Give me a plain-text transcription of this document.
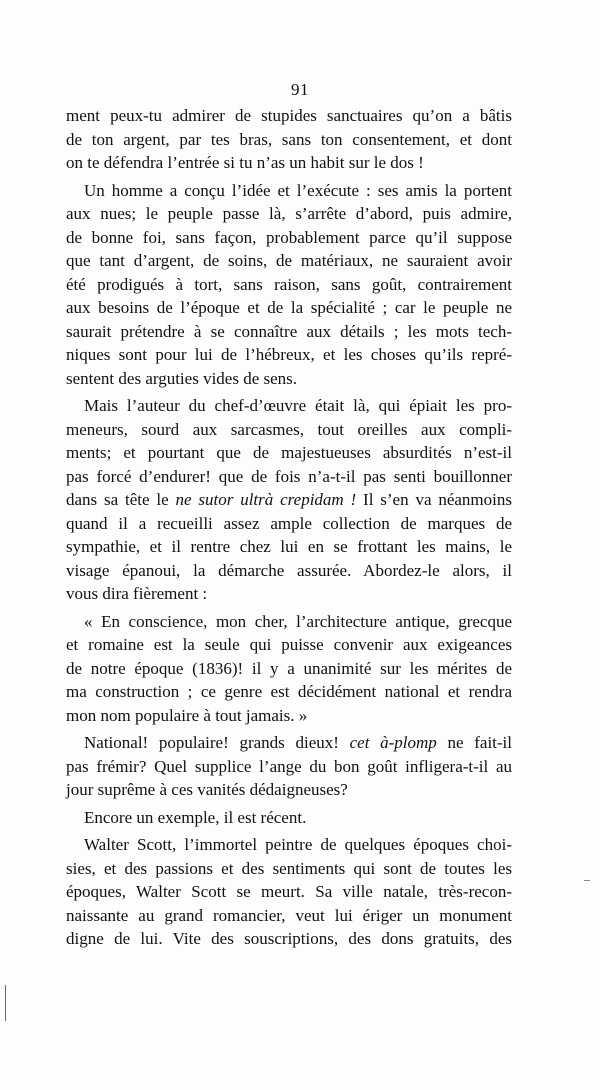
91
ment peux-tu admirer de stupides sanctuaires qu’on a bâtis
de ton argent, par tes bras, sans ton consentement, et dont
on te défendra l’entrée si tu n’as un habit sur le dos !
Un homme a conçu l’idée et l’exécute : ses amis la portent
aux nues; le peuple passe là, s’arrête d’abord, puis admire,
de bonne foi, sans façon, probablement parce qu’il suppose
que tant d’argent, de soins, de matériaux, ne sauraient avoir
été prodigués à tort, sans raison, sans goût, contrairement
aux besoins de l’époque et de la spécialité ; car le peuple ne
saurait prétendre à se connaître aux détails ; les mots tech-
niques sont pour lui de l’hébreux, et les choses qu’ils repré-
sentent des arguties vides de sens.
Mais l’auteur du chef-d’œuvre était là, qui épiait les pro-
meneurs, sourd aux sarcasmes, tout oreilles aux compli-
ments; et pourtant que de majestueuses absurdités n’est-il
pas forcé d’endurer! que de fois n’a-t-il pas senti bouillonner
dans sa tête le ne sutor ultrà crepidam ! Il s’en va néanmoins
quand il a recueilli assez ample collection de marques de
sympathie, et il rentre chez lui en se frottant les mains, le
visage épanoui, la démarche assurée. Abordez-le alors, il
vous dira fièrement :
« En conscience, mon cher, l’architecture antique, grecque
et romaine est la seule qui puisse convenir aux exigeances
de notre époque (1836)! il y a unanimité sur les mérites de
ma construction ; ce genre est décidément national et rendra
mon nom populaire à tout jamais. »
National! populaire! grands dieux! cet à-plomp ne fait-il
pas frémir? Quel supplice l’ange du bon goût infligera-t-il au
jour suprême à ces vanités dédaigneuses?
Encore un exemple, il est récent.
Walter Scott, l’immortel peintre de quelques époques choi-
sies, et des passions et des sentiments qui sont de toutes les
époques, Walter Scott se meurt. Sa ville natale, très-recon-
naissante au grand romancier, veut lui ériger un monument
digne de lui. Vite des souscriptions, des dons gratuits, des
